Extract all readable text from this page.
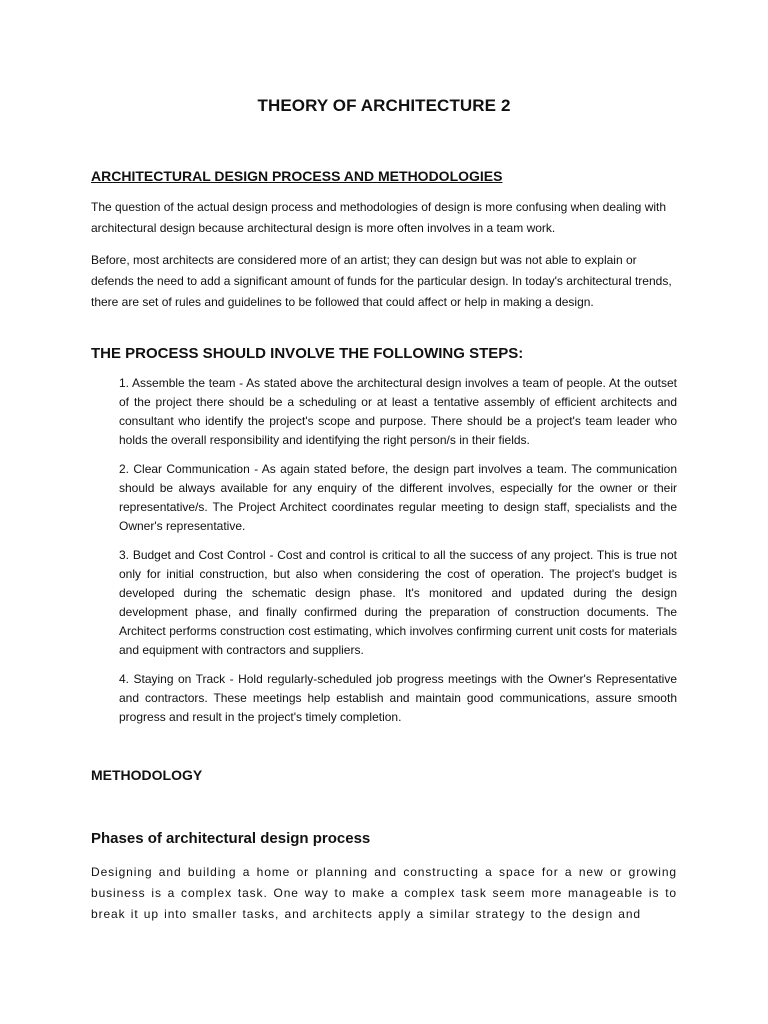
THEORY OF ARCHITECTURE 2
ARCHITECTURAL DESIGN PROCESS AND METHODOLOGIES

The question of the actual design process and methodologies of design is more confusing when dealing with architectural design because architectural design is more often involves in a team work.

Before, most architects are considered more of an artist; they can design but was not able to explain or defends the need to add a significant amount of funds for the particular design. In today's architectural trends, there are set of rules and guidelines to be followed that could affect or help in making a design.

THE PROCESS SHOULD INVOLVE THE FOLLOWING STEPS:
1. Assemble the team - As stated above the architectural design involves a team of people. At the outset of the project there should be a scheduling or at least a tentative assembly of efficient architects and consultant who identify the project's scope and purpose. There should be a project's team leader who holds the overall responsibility and identifying the right person/s in their fields.
2. Clear Communication - As again stated before, the design part involves a team. The communication should be always available for any enquiry of the different involves, especially for the owner or their representative/s. The Project Architect coordinates regular meeting to design staff, specialists and the Owner's representative.
3. Budget and Cost Control - Cost and control is critical to all the success of any project. This is true not only for initial construction, but also when considering the cost of operation. The project's budget is developed during the schematic design phase. It's monitored and updated during the design development phase, and finally confirmed during the preparation of construction documents. The Architect performs construction cost estimating, which involves confirming current unit costs for materials and equipment with contractors and suppliers.
4. Staying on Track - Hold regularly-scheduled job progress meetings with the Owner's Representative and contractors. These meetings help establish and maintain good communications, assure smooth progress and result in the project's timely completion.
METHODOLOGY
Phases of architectural design process

Designing and building a home or planning and constructing a space for a new or growing business is a complex task. One way to make a complex task seem more manageable is to break it up into smaller tasks, and architects apply a similar strategy to the design and
